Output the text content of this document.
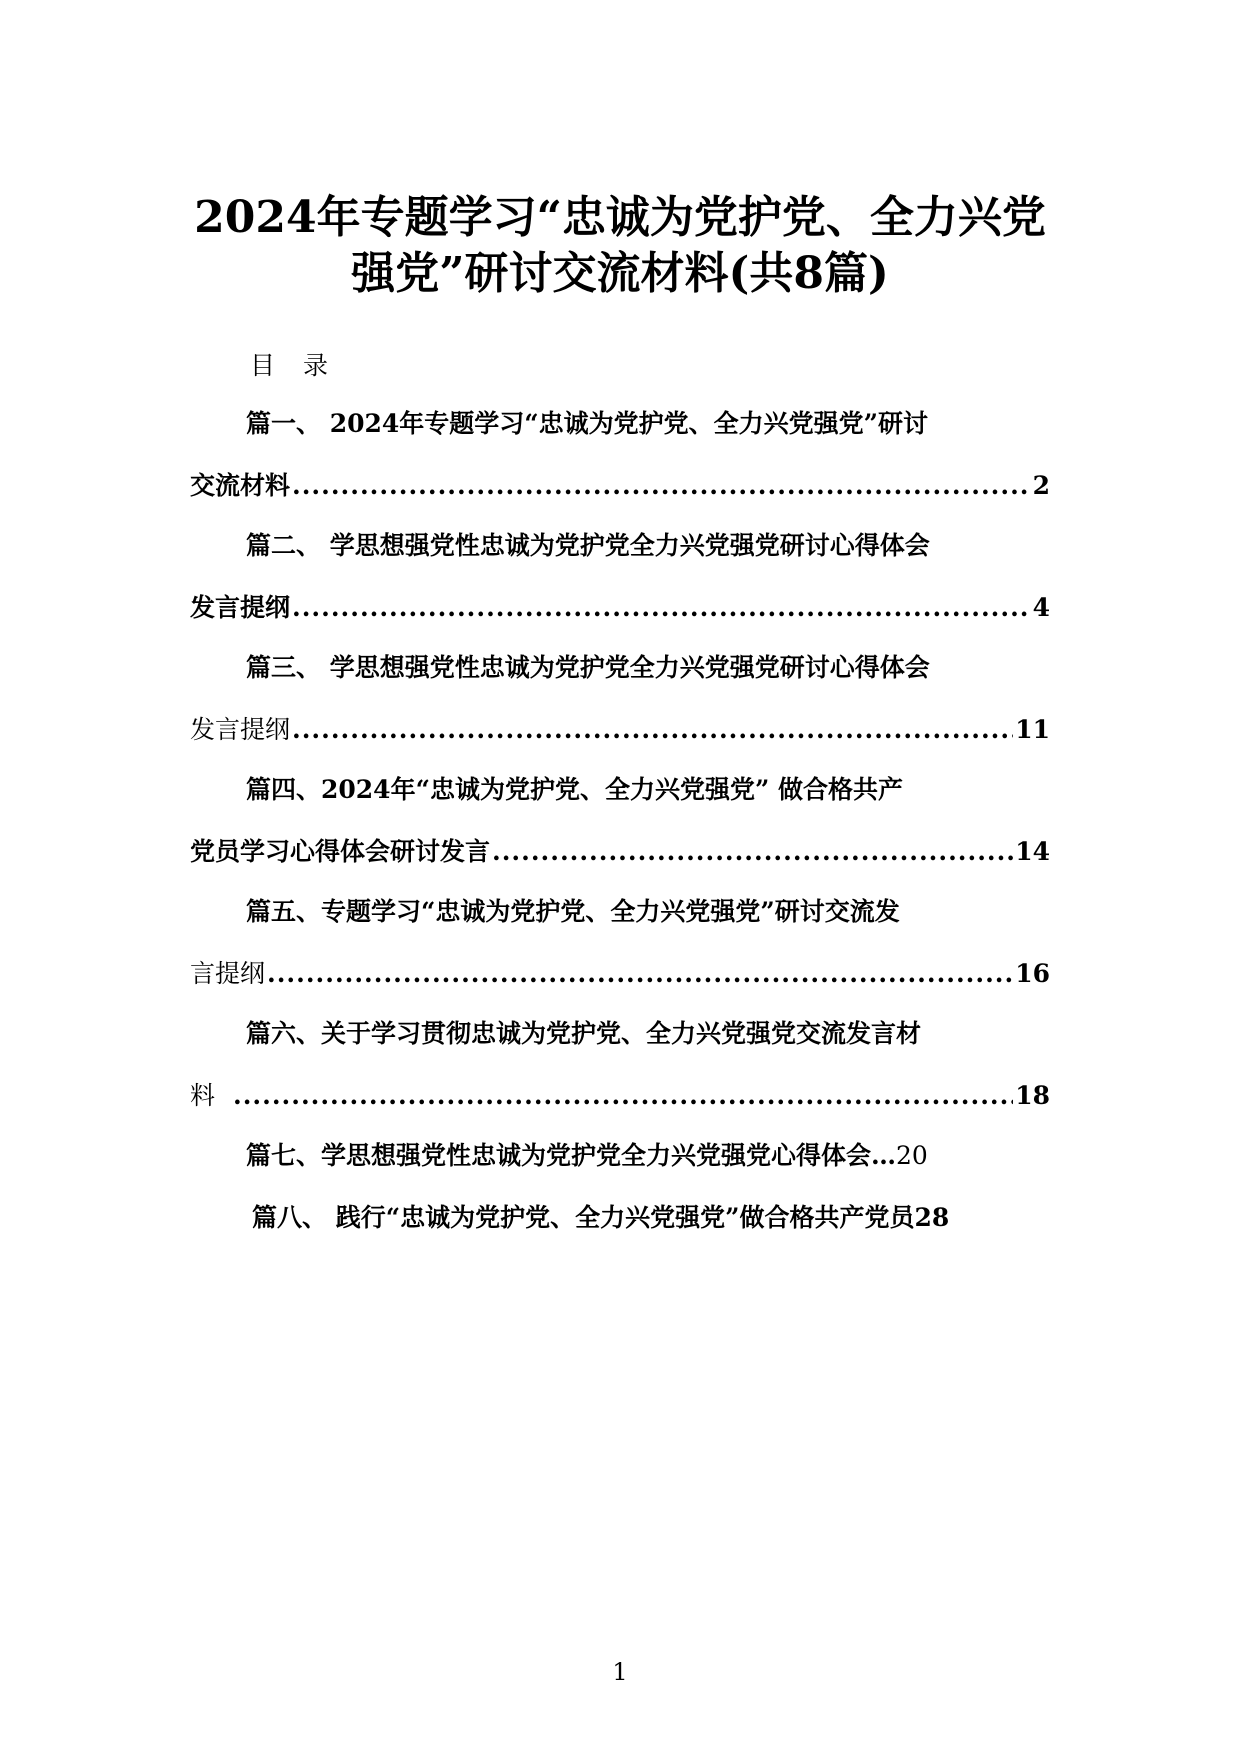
2024年专题学习“忠诚为党护党、全力兴党
强党”研讨交流材料(共8篇)
目录
篇一、 2024年专题学习“忠诚为党护党、全力兴党强党”研讨
交流材料 .....	2
篇二、 学思想强党性忠诚为党护党全力兴党强党研讨心得体会
发言提纲 .....	4
篇三、 学思想强党性忠诚为党护党全力兴党强党研讨心得体会
发言提纲 .....	11
篇四、2024年“忠诚为党护党、全力兴党强党” 做合格共产
党员学习心得体会研讨发言 .....	14
篇五、专题学习“忠诚为党护党、全力兴党强党”研讨交流发
言提纲 .....	16
篇六、关于学习贯彻忠诚为党护党、全力兴党强党交流发言材
料 .....	18
篇七、学思想强党性忠诚为党护党全力兴党强党心得体会 … 20
篇八、 践行“忠诚为党护党、全力兴党强党”做合格共产党员 28
1
